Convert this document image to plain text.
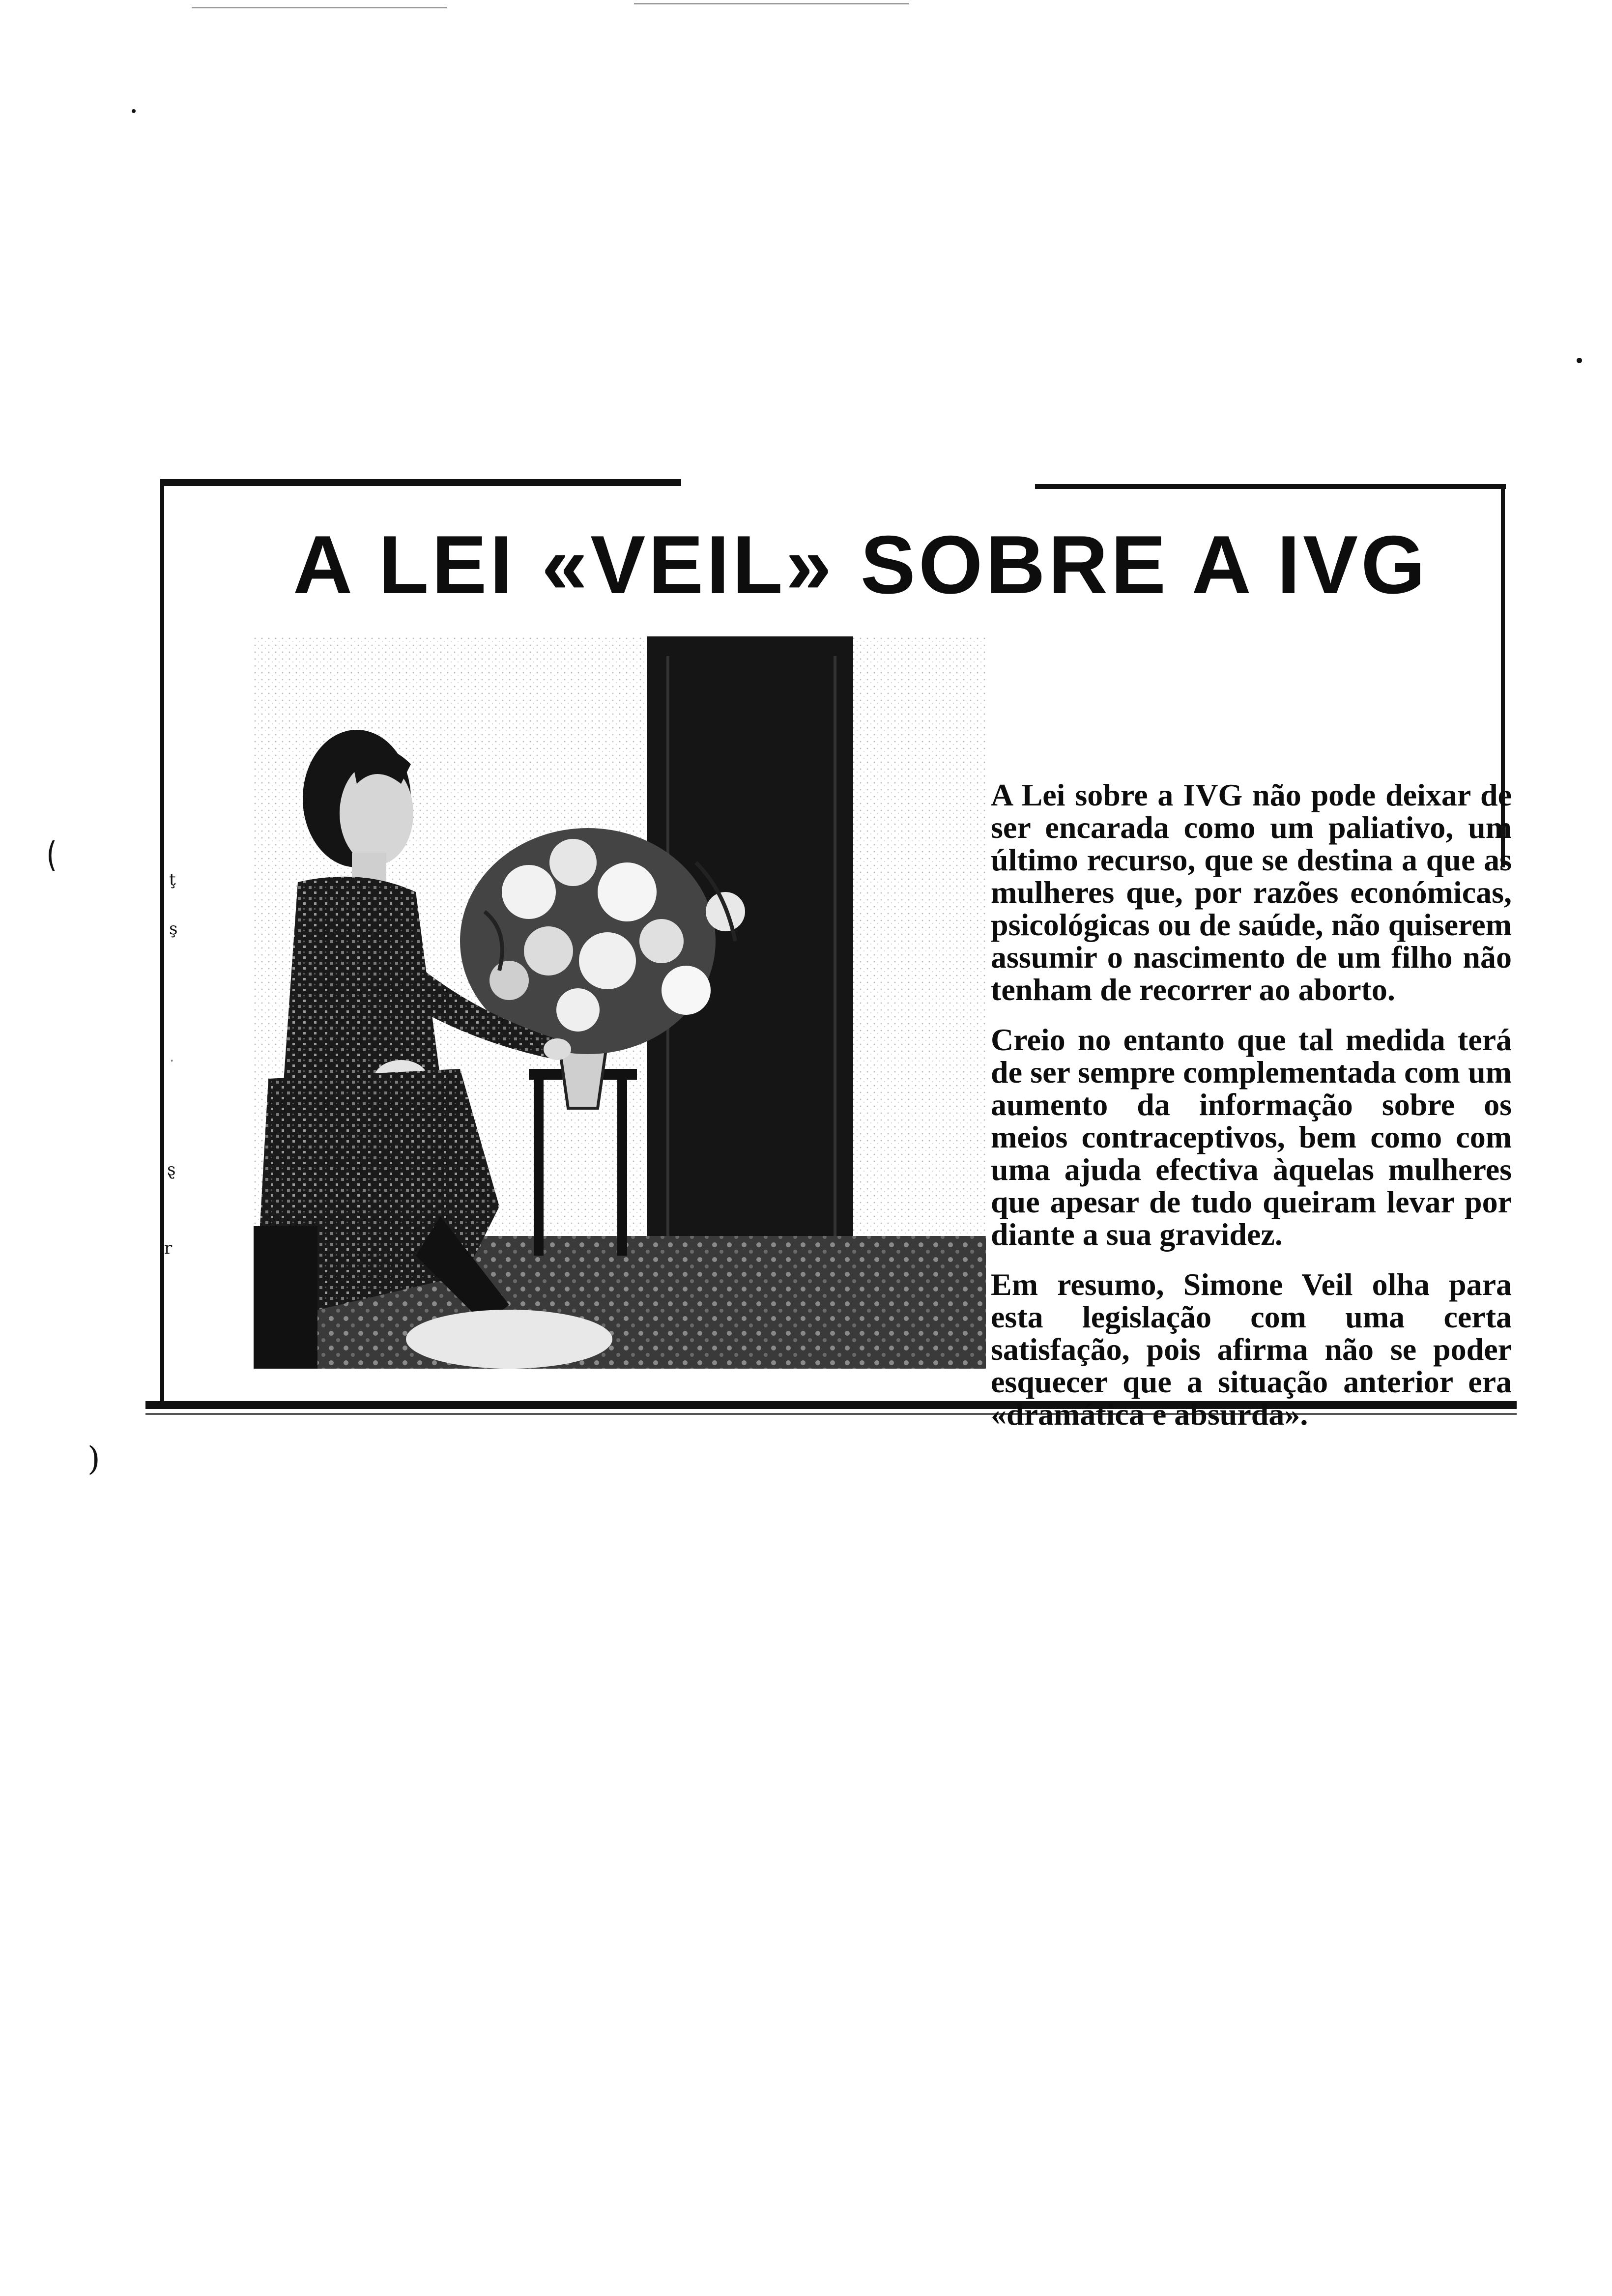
‿
)
ţ
ş
ˑ
ȿ
r
A LEI «VEIL» SOBRE A IVG

A Lei sobre a IVG não pode deixar de ser encarada como um paliativo, um último recurso, que se destina a que as mulheres que, por razões económicas, psicológicas ou de saúde, não quiserem assumir o nascimento de um filho não tenham de recorrer ao aborto.

Creio no entanto que tal medida terá de ser sempre complementada com um aumento da informação sobre os meios contraceptivos, bem como com uma ajuda efectiva àquelas mulheres que apesar de tudo queiram levar por diante a sua gravidez.

Em resumo, Simone Veil olha para esta legislação com uma certa satisfação, pois afirma não se poder esquecer que a situação anterior era «dramática e absurda».
